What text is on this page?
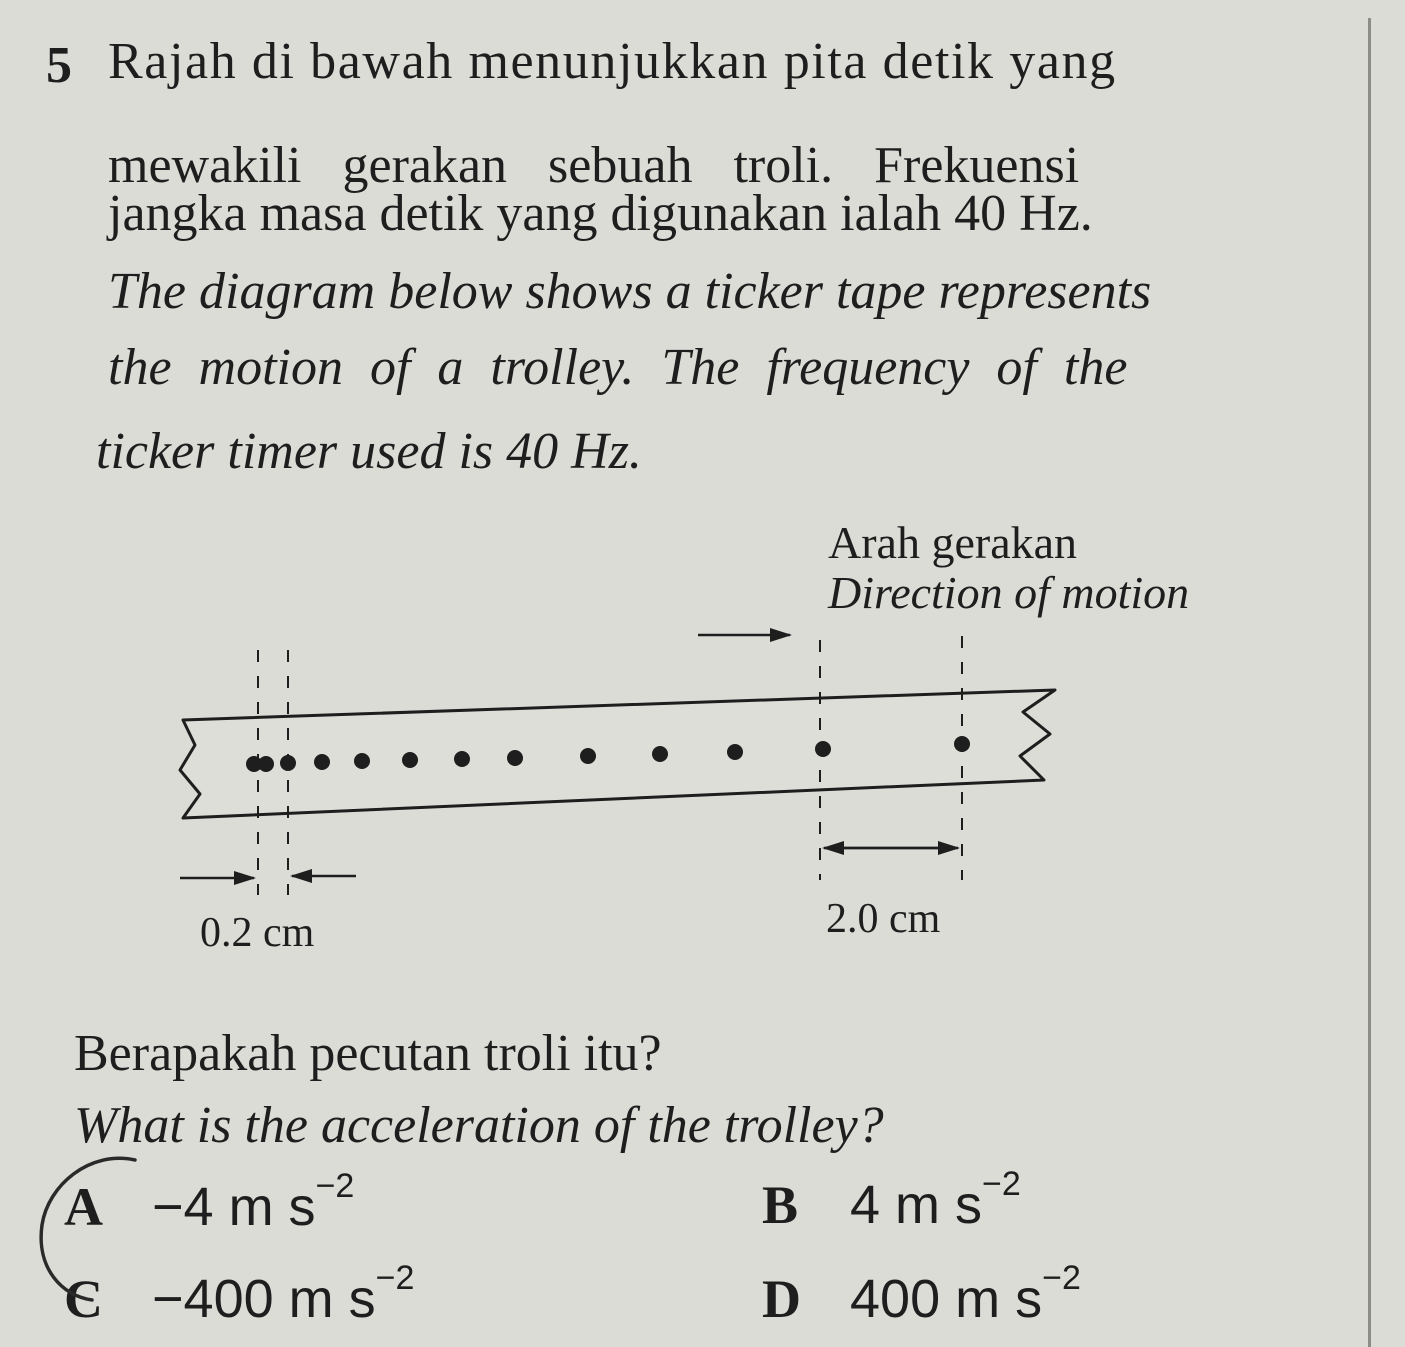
5 Rajah di bawah menunjukkan pita detik yang
mewakili gerakan sebuah troli. Frekuensi
jangka masa detik yang digunakan ialah 40 Hz.
The diagram below shows a ticker tape represents
the motion of a trolley. The frequency of the
ticker timer used is 40 Hz.
Arah gerakan
Direction of motion
0.2 cm	2.0 cm
Berapakah pecutan troli itu?
What is the acceleration of the trolley?
A −4 m $s^{-2}$	B 4 m $s^{-2}$
C −400 m $s^{-2}$	D 400 m $s^{-2}$
